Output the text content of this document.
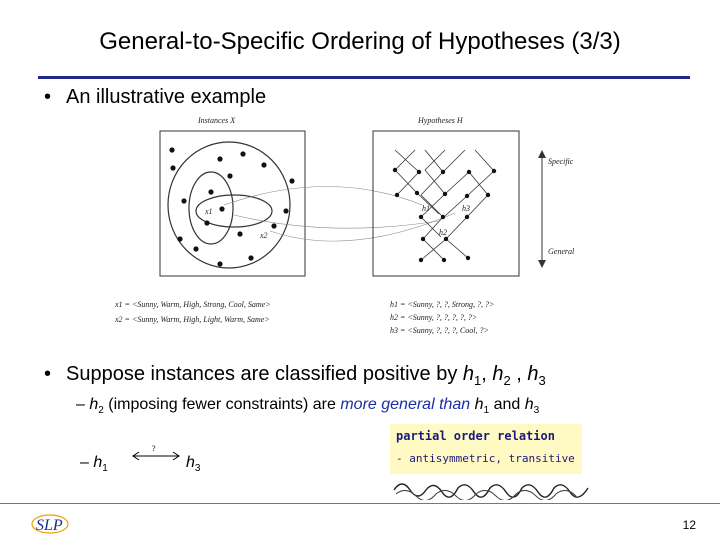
General-to-Specific Ordering of Hypotheses (3/3)
• An illustrative example
Instances X
x1
x2
Hypotheses H
h1
h2
h3
Specific
General
x1 = <Sunny, Warm, High, Strong, Cool, Same>
x2 = <Sunny, Warm, High, Light, Warm, Same>
h1 = <Sunny, ?, ?, Strong, ?, ?>
h2 = <Sunny, ?, ?, ?, ?, ?>
h3 = <Sunny, ?, ?, ?, Cool, ?>
• Suppose instances are classified positive by $h_1$, $h_2$ , $h_3$
– $h_2$ (imposing fewer constraints) are more general than $h_1$ and $h_3$
– $h_1$
?
$h_3$
partial order relation
- antisymmetric, transitive
SLP	12
